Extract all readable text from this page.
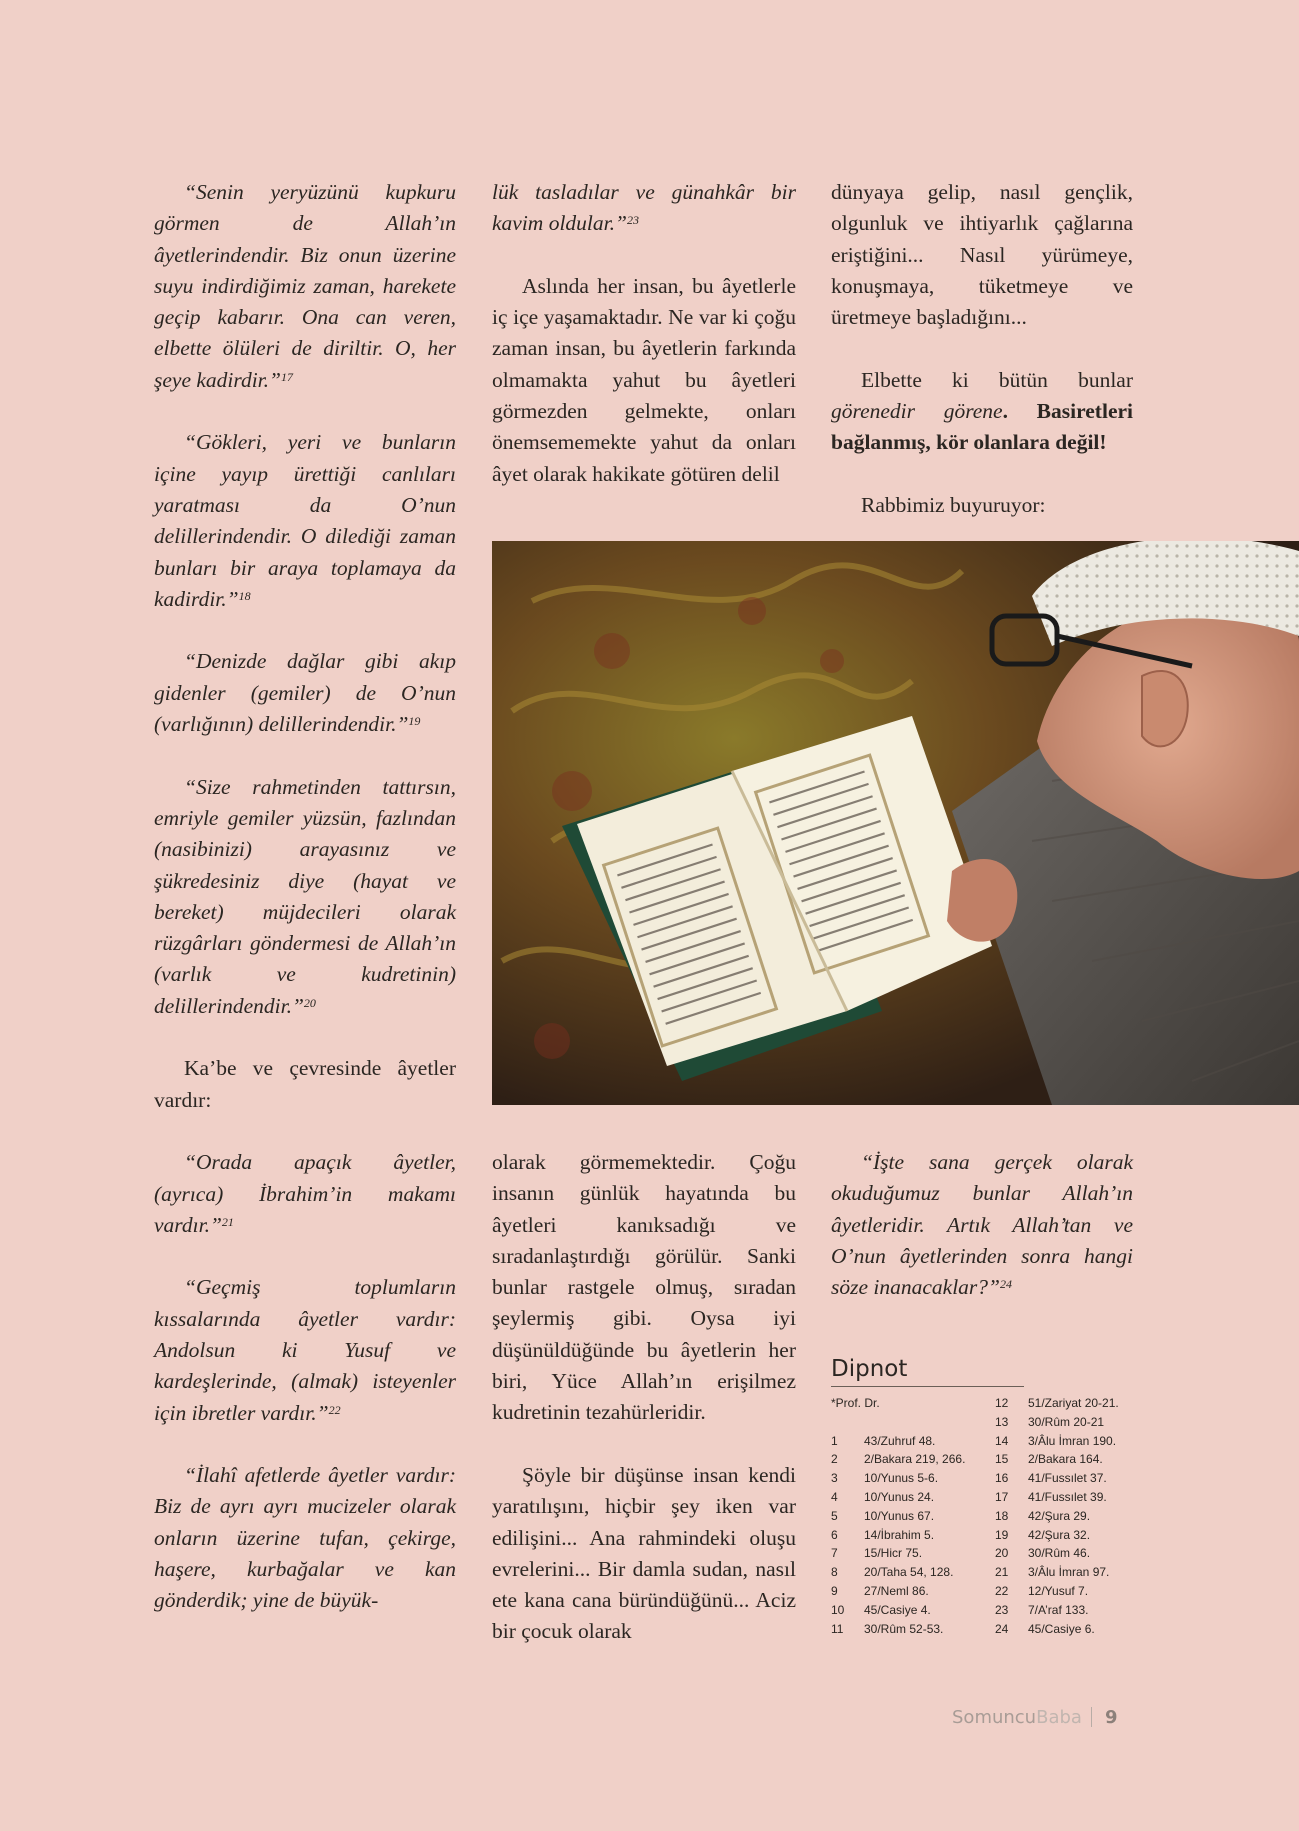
“Senin yeryüzünü kupkuru görmen de Allah’ın âyetlerindendir. Biz onun üzerine suyu indirdiğimiz zaman, harekete geçip kabarır. Ona can veren, elbette ölüleri de diriltir. O, her şeye kadirdir.”$^{17}$

“Gökleri, yeri ve bunların içine yayıp ürettiği canlıları yaratması da O’nun delillerindendir. O dilediği zaman bunları bir araya toplamaya da kadirdir.”$^{18}$

“Denizde dağlar gibi akıp gidenler (gemiler) de O’nun (varlığının) delillerindendir.”$^{19}$

“Size rahmetinden tattırsın, emriyle gemiler yüzsün, fazlından (nasibinizi) arayasınız ve şükredesiniz diye (hayat ve bereket) müjdecileri olarak rüzgârları göndermesi de Allah’ın (varlık ve kudretinin) delillerindendir.”$^{20}$

Ka’be ve çevresinde âyetler vardır:

“Orada apaçık âyetler, (ayrıca) İbrahim’in makamı vardır.”$^{21}$

“Geçmiş toplumların kıssalarında âyetler vardır: Andolsun ki Yusuf ve kardeşlerinde, (almak) isteyenler için ibretler vardır.”$^{22}$

“İlahî afetlerde âyetler vardır: Biz de ayrı ayrı mucizeler olarak onların üzerine tufan, çekirge, haşere, kurbağalar ve kan gönderdik; yine de büyük-

lük tasladılar ve günahkâr bir kavim oldular.”$^{23}$

Aslında her insan, bu âyetlerle iç içe yaşamaktadır. Ne var ki çoğu zaman insan, bu âyetlerin farkında olmamakta yahut bu âyetleri görmezden gelmekte, onları önemsememekte yahut da onları âyet olarak hakikate götüren delil

dünyaya gelip, nasıl gençlik, olgunluk ve ihtiyarlık çağlarına eriştiğini... Nasıl yürümeye, konuşmaya, tüketmeye ve üretmeye başladığını...

Elbette ki bütün bunlar görenedir görene. Basiretleri bağlanmış, kör olanlara değil!

Rabbimiz buyuruyor:

olarak görmemektedir. Çoğu insanın günlük hayatında bu âyetleri kanıksadığı ve sıradanlaştırdığı görülür. Sanki bunlar rastgele olmuş, sıradan şeylermiş gibi. Oysa iyi düşünüldüğünde bu âyetlerin her biri, Yüce Allah’ın erişilmez kudretinin tezahürleridir.

Şöyle bir düşünse insan kendi yaratılışını, hiçbir şey iken var edilişini... Ana rahmindeki oluşu evrelerini... Bir damla sudan, nasıl ete kana cana büründüğünü... Aciz bir çocuk olarak

“İşte sana gerçek olarak okuduğumuz bunlar Allah’ın âyetleridir. Artık Allah’tan ve O’nun âyetlerinden sonra hangi söze inanacaklar?”$^{24}$

Dipnot
*Prof. Dr.
1 43/Zuhruf 48.
2 2/Bakara 219, 266.
3 10/Yunus 5-6.
4 10/Yunus 24.
5 10/Yunus 67.
6 14/İbrahim 5.
7 15/Hicr 75.
8 20/Taha 54, 128.
9 27/Neml 86.
10 45/Casiye 4.
11 30/Rûm 52-53.
12 51/Zariyat 20-21.
13 30/Rûm 20-21
14 3/Âlu İmran 190.
15 2/Bakara 164.
16 41/Fussılet 37.
17 41/Fussılet 39.
18 42/Şura 29.
19 42/Şura 32.
20 30/Rûm 46.
21 3/Âlu İmran 97.
22 12/Yusuf 7.
23 7/A’raf 133.
24 45/Casiye 6.
SomuncuBaba 9
